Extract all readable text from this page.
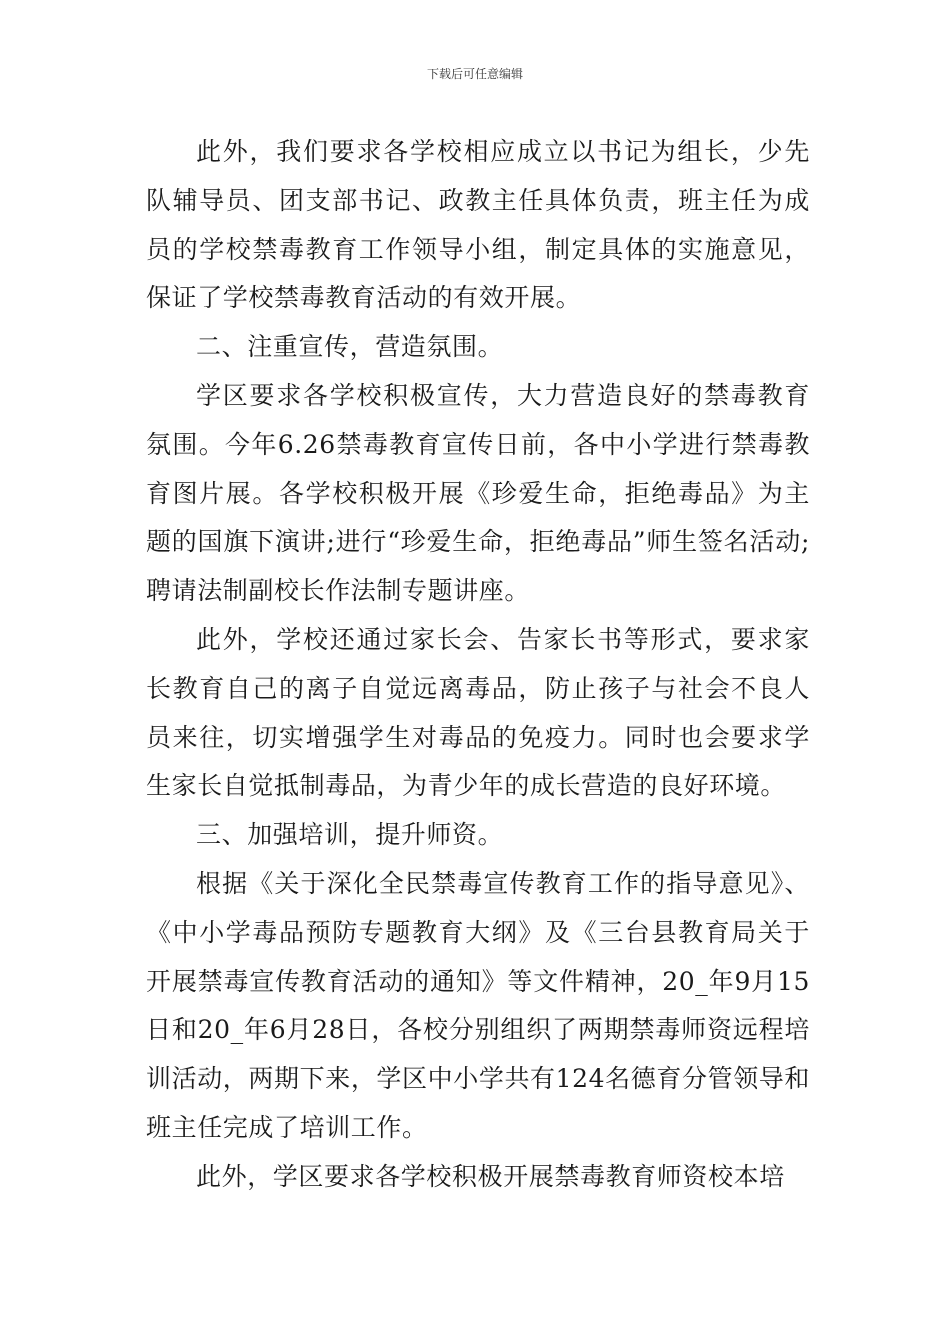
下载后可任意编辑

此外，我们要求各学校相应成立以书记为组长，少先队辅导员、团支部书记、政教主任具体负责，班主任为成员的学校禁毒教育工作领导小组，制定具体的实施意见，保证了学校禁毒教育活动的有效开展。

二、注重宣传，营造氛围。

学区要求各学校积极宣传，大力营造良好的禁毒教育氛围。今年6.26禁毒教育宣传日前，各中小学进行禁毒教育图片展。各学校积极开展《珍爱生命，拒绝毒品》为主题的国旗下演讲;进行“珍爱生命，拒绝毒品”师生签名活动;聘请法制副校长作法制专题讲座。

此外，学校还通过家长会、告家长书等形式，要求家长教育自己的离子自觉远离毒品，防止孩子与社会不良人员来往，切实增强学生对毒品的免疫力。同时也会要求学生家长自觉抵制毒品，为青少年的成长营造的良好环境。

三、加强培训，提升师资。

根据《关于深化全民禁毒宣传教育工作的指导意见》、《中小学毒品预防专题教育大纲》及《三台县教育局关于开展禁毒宣传教育活动的通知》等文件精神，20_年9月15日和20_年6月28日，各校分别组织了两期禁毒师资远程培训活动，两期下来，学区中小学共有124名德育分管领导和班主任完成了培训工作。

此外，学区要求各学校积极开展禁毒教育师资校本培
